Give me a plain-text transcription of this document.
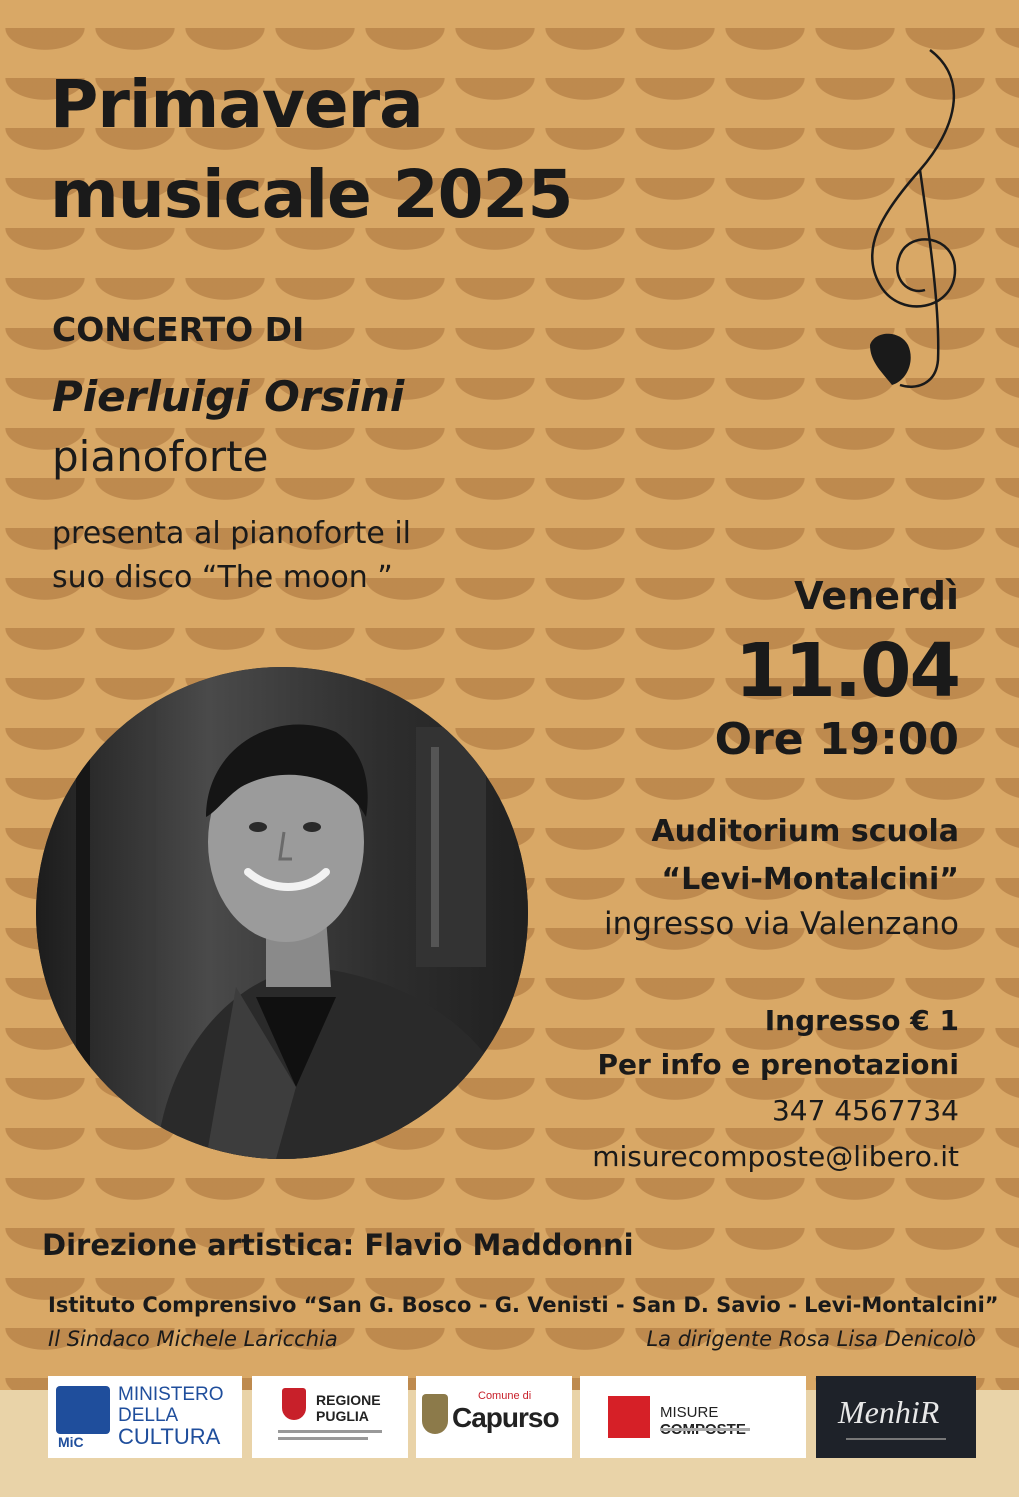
Primavera
musicale 2025
CONCERTO DI
Pierluigi Orsini
pianoforte
presenta al pianoforte il
suo disco “The moon ”	Venerdì
11.04
Ore 19:00
Auditorium scuola
“Levi-Montalcini”
ingresso via Valenzano
Ingresso € 1
Per info e prenotazioni
347 4567734
misurecomposte@libero.it
Direzione artistica: Flavio Maddonni
Istituto Comprensivo “San G. Bosco - G. Venisti - San D. Savio - Levi-Montalcini”
Il Sindaco Michele Laricchia	La dirigente Rosa Lisa Denicolò
MiC
MINISTERO
DELLA
CULTURA
REGIONE
PUGLIA
Comune di
Capurso	MISURE	MenhiR
